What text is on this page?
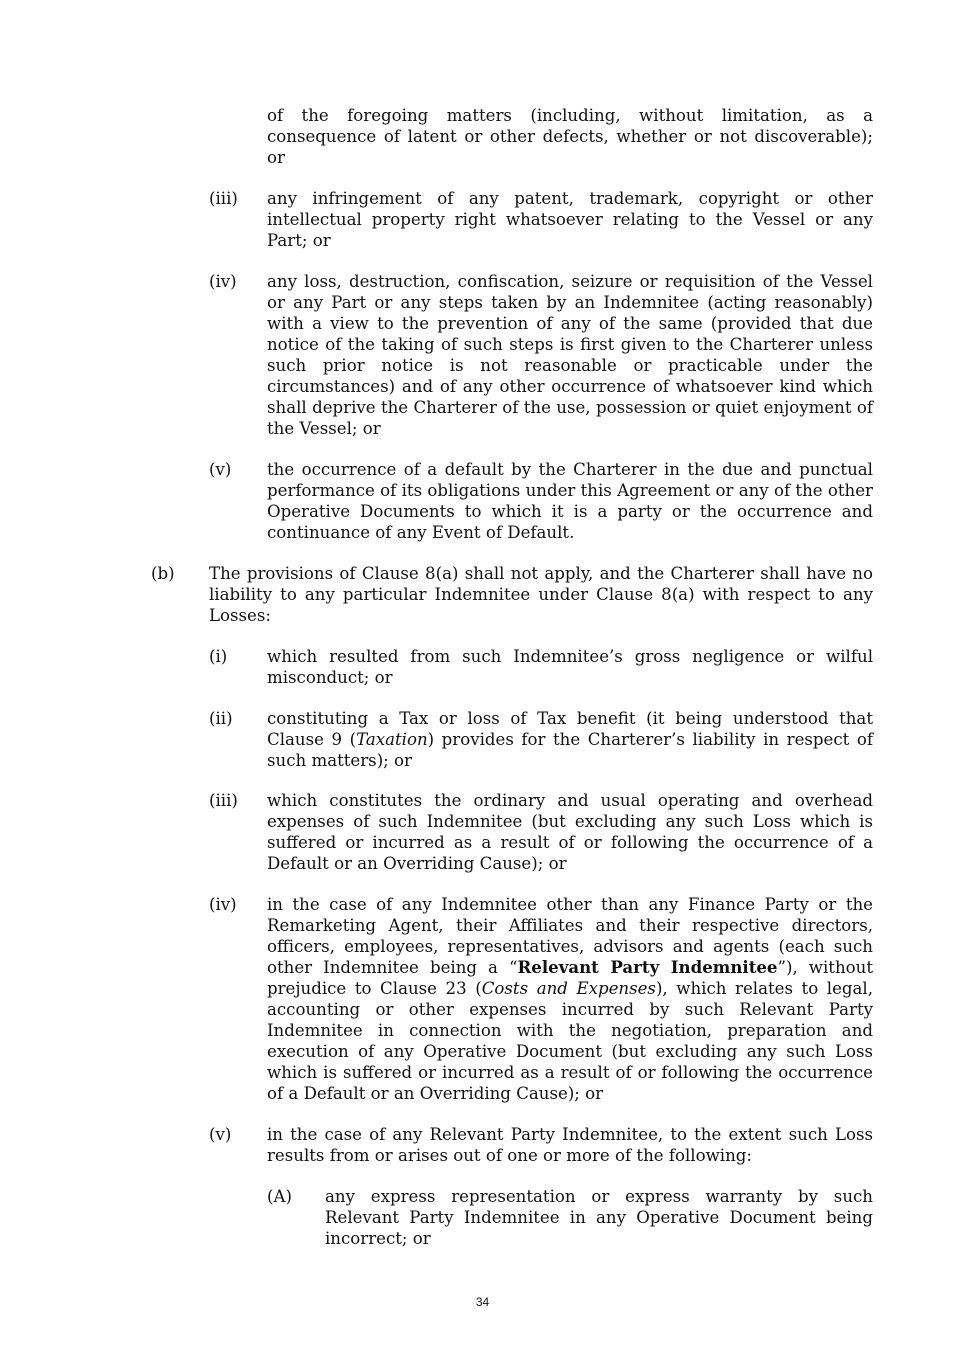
of the foregoing matters (including, without limitation, as a consequence of latent or other defects, whether or not discoverable); or
(iii) any infringement of any patent, trademark, copyright or other intellectual property right whatsoever relating to the Vessel or any Part; or
(iv) any loss, destruction, confiscation, seizure or requisition of the Vessel or any Part or any steps taken by an Indemnitee (acting reasonably) with a view to the prevention of any of the same (provided that due notice of the taking of such steps is first given to the Charterer unless such prior notice is not reasonable or practicable under the circumstances) and of any other occurrence of whatsoever kind which shall deprive the Charterer of the use, possession or quiet enjoyment of the Vessel; or
(v) the occurrence of a default by the Charterer in the due and punctual performance of its obligations under this Agreement or any of the other Operative Documents to which it is a party or the occurrence and continuance of any Event of Default.
(b) The provisions of Clause 8(a) shall not apply, and the Charterer shall have no liability to any particular Indemnitee under Clause 8(a) with respect to any Losses:
(i) which resulted from such Indemnitee’s gross negligence or wilful misconduct; or
(ii) constituting a Tax or loss of Tax benefit (it being understood that Clause 9 (Taxation) provides for the Charterer’s liability in respect of such matters); or
(iii) which constitutes the ordinary and usual operating and overhead expenses of such Indemnitee (but excluding any such Loss which is suffered or incurred as a result of or following the occurrence of a Default or an Overriding Cause); or
(iv) in the case of any Indemnitee other than any Finance Party or the Remarketing Agent, their Affiliates and their respective directors, officers, employees, representatives, advisors and agents (each such other Indemnitee being a “Relevant Party Indemnitee”), without prejudice to Clause 23 (Costs and Expenses), which relates to legal, accounting or other expenses incurred by such Relevant Party Indemnitee in connection with the negotiation, preparation and execution of any Operative Document (but excluding any such Loss which is suffered or incurred as a result of or following the occurrence of a Default or an Overriding Cause); or
(v) in the case of any Relevant Party Indemnitee, to the extent such Loss results from or arises out of one or more of the following:
(A) any express representation or express warranty by such Relevant Party Indemnitee in any Operative Document being incorrect; or
34
